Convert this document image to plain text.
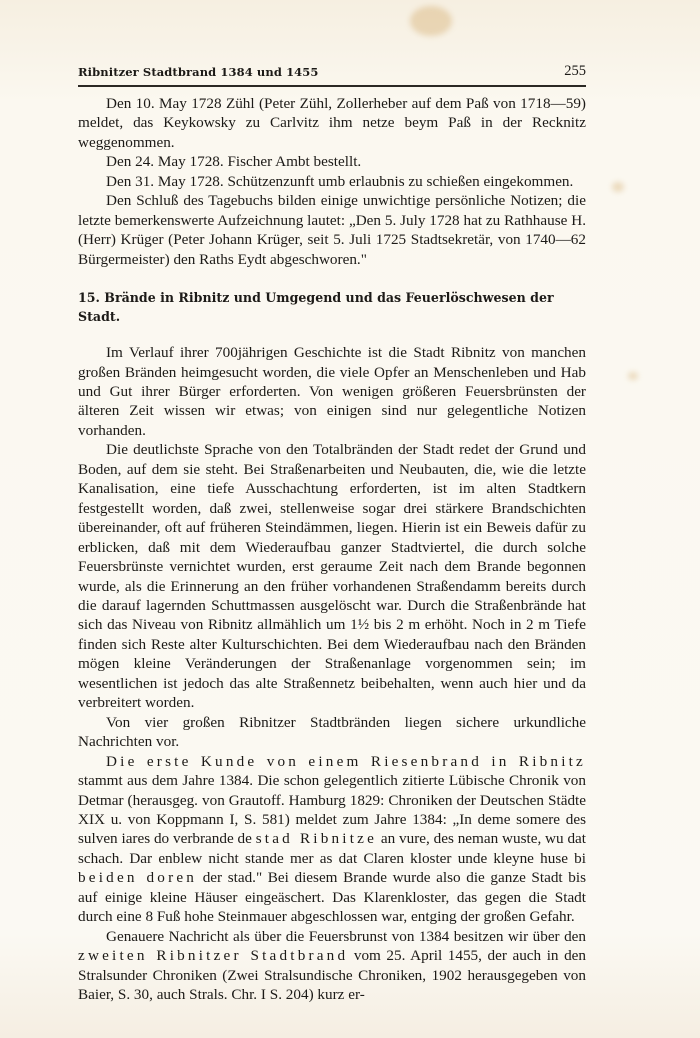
Ribnitzer Stadtbrand 1384 und 1455	255

Den 10. May 1728 Zühl (Peter Zühl, Zollerheber auf dem Paß von 1718—59) meldet, das Keykowsky zu Carlvitz ihm netze beym Paß in der Recknitz weggenommen.

Den 24. May 1728. Fischer Ambt bestellt.

Den 31. May 1728. Schützenzunft umb erlaubnis zu schießen eingekommen.

Den Schluß des Tagebuchs bilden einige unwichtige persönliche Notizen; die letzte bemerkenswerte Aufzeichnung lautet: „Den 5. July 1728 hat zu Rathhause H. (Herr) Krüger (Peter Johann Krüger, seit 5. Juli 1725 Stadtsekretär, von 1740—62 Bürgermeister) den Raths Eydt abgeschworen."

15. Brände in Ribnitz und Umgegend und das Feuerlöschwesen der Stadt.

Im Verlauf ihrer 700jährigen Geschichte ist die Stadt Ribnitz von manchen großen Bränden heimgesucht worden, die viele Opfer an Menschenleben und Hab und Gut ihrer Bürger erforderten. Von wenigen größeren Feuersbrünsten der älteren Zeit wissen wir etwas; von einigen sind nur gelegentliche Notizen vorhanden.

Die deutlichste Sprache von den Totalbränden der Stadt redet der Grund und Boden, auf dem sie steht. Bei Straßenarbeiten und Neubauten, die, wie die letzte Kanalisation, eine tiefe Ausschachtung erforderten, ist im alten Stadtkern festgestellt worden, daß zwei, stellenweise sogar drei stärkere Brandschichten übereinander, oft auf früheren Steindämmen, liegen. Hierin ist ein Beweis dafür zu erblicken, daß mit dem Wiederaufbau ganzer Stadtviertel, die durch solche Feuersbrünste vernichtet wurden, erst geraume Zeit nach dem Brande begonnen wurde, als die Erinnerung an den früher vorhandenen Straßendamm bereits durch die darauf lagernden Schuttmassen ausgelöscht war. Durch die Straßenbrände hat sich das Niveau von Ribnitz allmählich um 1½ bis 2 m erhöht. Noch in 2 m Tiefe finden sich Reste alter Kulturschichten. Bei dem Wiederaufbau nach den Bränden mögen kleine Veränderungen der Straßenanlage vorgenommen sein; im wesentlichen ist jedoch das alte Straßennetz beibehalten, wenn auch hier und da verbreitert worden.

Von vier großen Ribnitzer Stadtbränden liegen sichere urkundliche Nachrichten vor.

Die erste Kunde von einem Riesenbrand in Ribnitz stammt aus dem Jahre 1384. Die schon gelegentlich zitierte Lübische Chronik von Detmar (herausgeg. von Grautoff. Hamburg 1829: Chroniken der Deutschen Städte XIX u. von Koppmann I, S. 581) meldet zum Jahre 1384: „In deme somere des sulven iares do verbrande de stad Ribnitze an vure, des neman wuste, wu dat schach. Dar enblew nicht stande mer as dat Claren kloster unde kleyne huse bi beiden doren der stad." Bei diesem Brande wurde also die ganze Stadt bis auf einige kleine Häuser eingeäschert. Das Klarenkloster, das gegen die Stadt durch eine 8 Fuß hohe Steinmauer abgeschlossen war, entging der großen Gefahr.

Genauere Nachricht als über die Feuersbrunst von 1384 besitzen wir über den zweiten Ribnitzer Stadtbrand vom 25. April 1455, der auch in den Stralsunder Chroniken (Zwei Stralsundische Chroniken, 1902 herausgegeben von Baier, S. 30, auch Strals. Chr. I S. 204) kurz er-
